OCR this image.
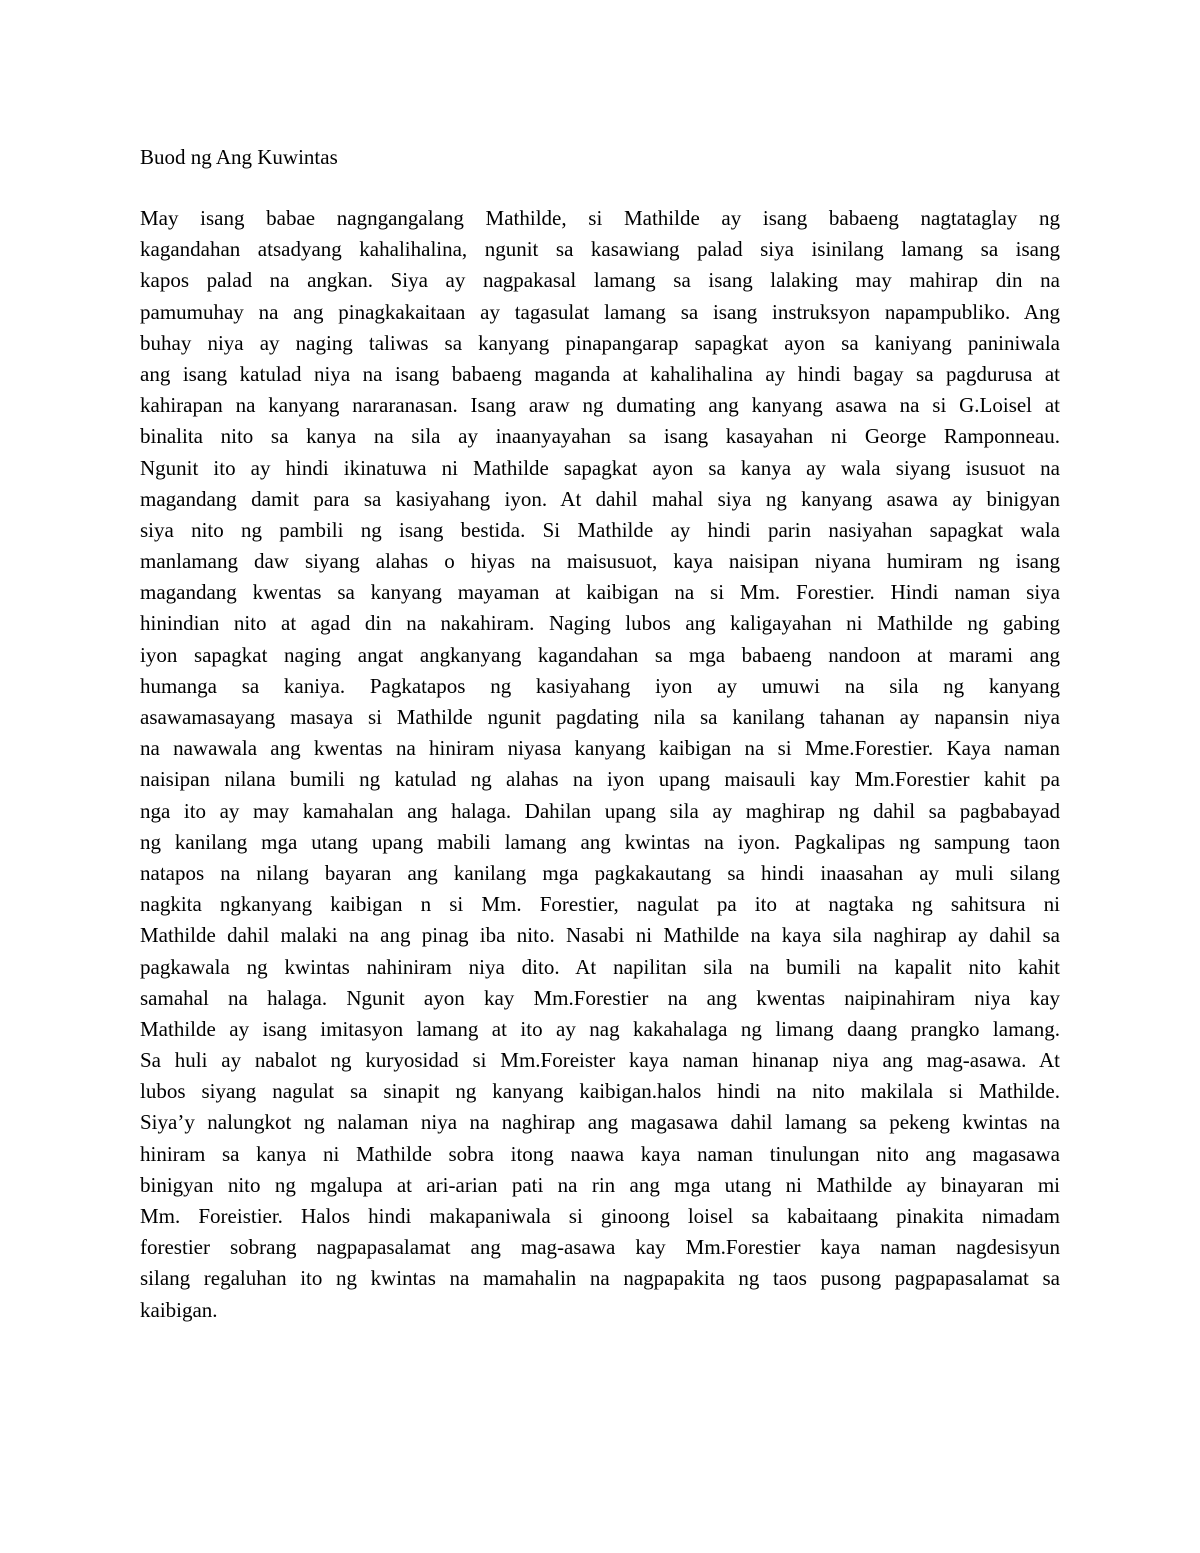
Buod ng Ang Kuwintas
May isang babae nagngangalang Mathilde, si Mathilde ay isang babaeng nagtataglay ng
kagandahan atsadyang kahalihalina, ngunit sa kasawiang palad siya isinilang lamang sa isang
kapos palad na angkan. Siya ay nagpakasal lamang sa isang lalaking may mahirap din na
pamumuhay na ang pinagkakaitaan ay tagasulat lamang sa isang instruksyon napampubliko. Ang
buhay niya ay naging taliwas sa kanyang pinapangarap sapagkat ayon sa kaniyang paniniwala
ang isang katulad niya na isang babaeng maganda at kahalihalina ay hindi bagay sa pagdurusa at
kahirapan na kanyang nararanasan. Isang araw ng dumating ang kanyang asawa na si G.Loisel at
binalita nito sa kanya na sila ay inaanyayahan sa isang kasayahan ni George Ramponneau.
Ngunit ito ay hindi ikinatuwa ni Mathilde sapagkat ayon sa kanya ay wala siyang isusuot na
magandang damit para sa kasiyahang iyon. At dahil mahal siya ng kanyang asawa ay binigyan
siya nito ng pambili ng isang bestida. Si Mathilde ay hindi parin nasiyahan sapagkat wala
manlamang daw siyang alahas o hiyas na maisusuot, kaya naisipan niyana humiram ng isang
magandang kwentas sa kanyang mayaman at kaibigan na si Mm. Forestier. Hindi naman siya
hinindian nito at agad din na nakahiram. Naging lubos ang kaligayahan ni Mathilde ng gabing
iyon sapagkat naging angat angkanyang kagandahan sa mga babaeng nandoon at marami ang
humanga sa kaniya. Pagkatapos ng kasiyahang iyon ay umuwi na sila ng kanyang
asawamasayang masaya si Mathilde ngunit pagdating nila sa kanilang tahanan ay napansin niya
na nawawala ang kwentas na hiniram niyasa kanyang kaibigan na si Mme.Forestier. Kaya naman
naisipan nilana bumili ng katulad ng alahas na iyon upang maisauli kay Mm.Forestier kahit pa
nga ito ay may kamahalan ang halaga. Dahilan upang sila ay maghirap ng dahil sa pagbabayad
ng kanilang mga utang upang mabili lamang ang kwintas na iyon. Pagkalipas ng sampung taon
natapos na nilang bayaran ang kanilang mga pagkakautang sa hindi inaasahan ay muli silang
nagkita ngkanyang kaibigan n si Mm. Forestier, nagulat pa ito at nagtaka ng sahitsura ni
Mathilde dahil malaki na ang pinag iba nito. Nasabi ni Mathilde na kaya sila naghirap ay dahil sa
pagkawala ng kwintas nahiniram niya dito. At napilitan sila na bumili na kapalit nito kahit
samahal na halaga. Ngunit ayon kay Mm.Forestier na ang kwentas naipinahiram niya kay
Mathilde ay isang imitasyon lamang at ito ay nag kakahalaga ng limang daang prangko lamang.
Sa huli ay nabalot ng kuryosidad si Mm.Foreister kaya naman hinanap niya ang mag-asawa. At
lubos siyang nagulat sa sinapit ng kanyang kaibigan.halos hindi na nito makilala si Mathilde.
Siya’y nalungkot ng nalaman niya na naghirap ang magasawa dahil lamang sa pekeng kwintas na
hiniram sa kanya ni Mathilde sobra itong naawa kaya naman tinulungan nito ang magasawa
binigyan nito ng mgalupa at ari-arian pati na rin ang mga utang ni Mathilde ay binayaran mi
Mm. Foreistier. Halos hindi makapaniwala si ginoong loisel sa kabaitaang pinakita nimadam
forestier sobrang nagpapasalamat ang mag-asawa kay Mm.Forestier kaya naman nagdesisyun
silang regaluhan ito ng kwintas na mamahalin na nagpapakita ng taos pusong pagpapasalamat sa
kaibigan.
